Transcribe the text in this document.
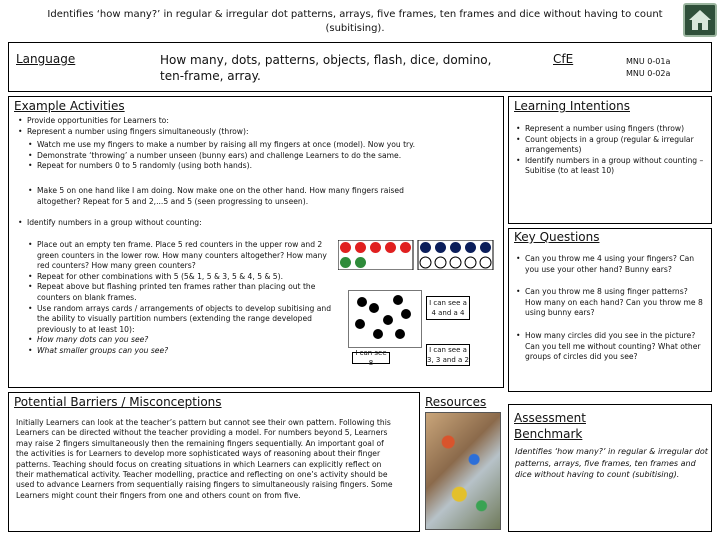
Identifies ‘how many?’ in regular & irregular dot patterns, arrays, five frames, ten frames and dice without having to count (subitising).
Language	How many, dots, patterns, objects, flash, dice, domino, ten-frame, array.
CfE	MNU 0-01a
MNU 0-02a
Example Activities
• Provide opportunities for Learners to:
• Represent a number using fingers simultaneously (throw):
• Watch me use my fingers to make a number by raising all my fingers at once (model). Now you try.
• Demonstrate ‘throwing’ a number unseen (bunny ears) and challenge Learners to do the same.
• Repeat for numbers 0 to 5 randomly (using both hands).
• Make 5 on one hand like I am doing. Now make one on the other hand. How many fingers raised altogether? Repeat for 5 and 2,...5 and 5 (seen progressing to unseen).
• Identify numbers in a group without counting:
• Place out an empty ten frame. Place 5 red counters in the upper row and 2 green counters in the lower row. How many counters altogether? How many red counters? How many green counters?
• Repeat for other combinations with 5 (5& 1, 5 & 3, 5 & 4, 5 & 5).
• Repeat above but flashing printed ten frames rather than placing out the counters on blank frames.
• Use random arrays cards / arrangements of objects to develop subitising and the ability to visually partition numbers (extending the range developed previously to at least 10):
• How many dots can you see?
• What smaller groups can you see?
I can see a 4 and a 4
I can see 8
I can see a 3, 3 and a 2
Learning Intentions
• Represent a number using fingers (throw)
• Count objects in a group (regular & irregular arrangements)
• Identify numbers in a group without counting – Subitise (to at least 10)
Key Questions
• Can you throw me 4 using your fingers? Can you use your other hand? Bunny ears?
• Can you throw me 8 using finger patterns? How many on each hand? Can you throw me 8 using bunny ears?
• How many circles did you see in the picture? Can you tell me without counting? What other groups of circles did you see?
Potential Barriers / Misconceptions
Initially Learners can look at the teacher’s pattern but cannot see their own pattern. Following this Learners can be directed without the teacher providing a model. For numbers beyond 5, Learners may raise 2 fingers simultaneously then the remaining fingers sequentially. An important goal of the activities is for Learners to develop more sophisticated ways of reasoning about their finger patterns. Teaching should focus on creating situations in which Learners can explicitly reflect on their mathematical activity. Teacher modelling, practice and reflecting on one’s activity should be used to advance Learners from sequentially raising fingers to simultaneously raising fingers. Some Learners might count their fingers from one and others count on from five.
Resources
Assessment Benchmark
Identifies ‘how many?’ in regular & irregular dot patterns, arrays, five frames, ten frames and dice without having to count (subitising).
